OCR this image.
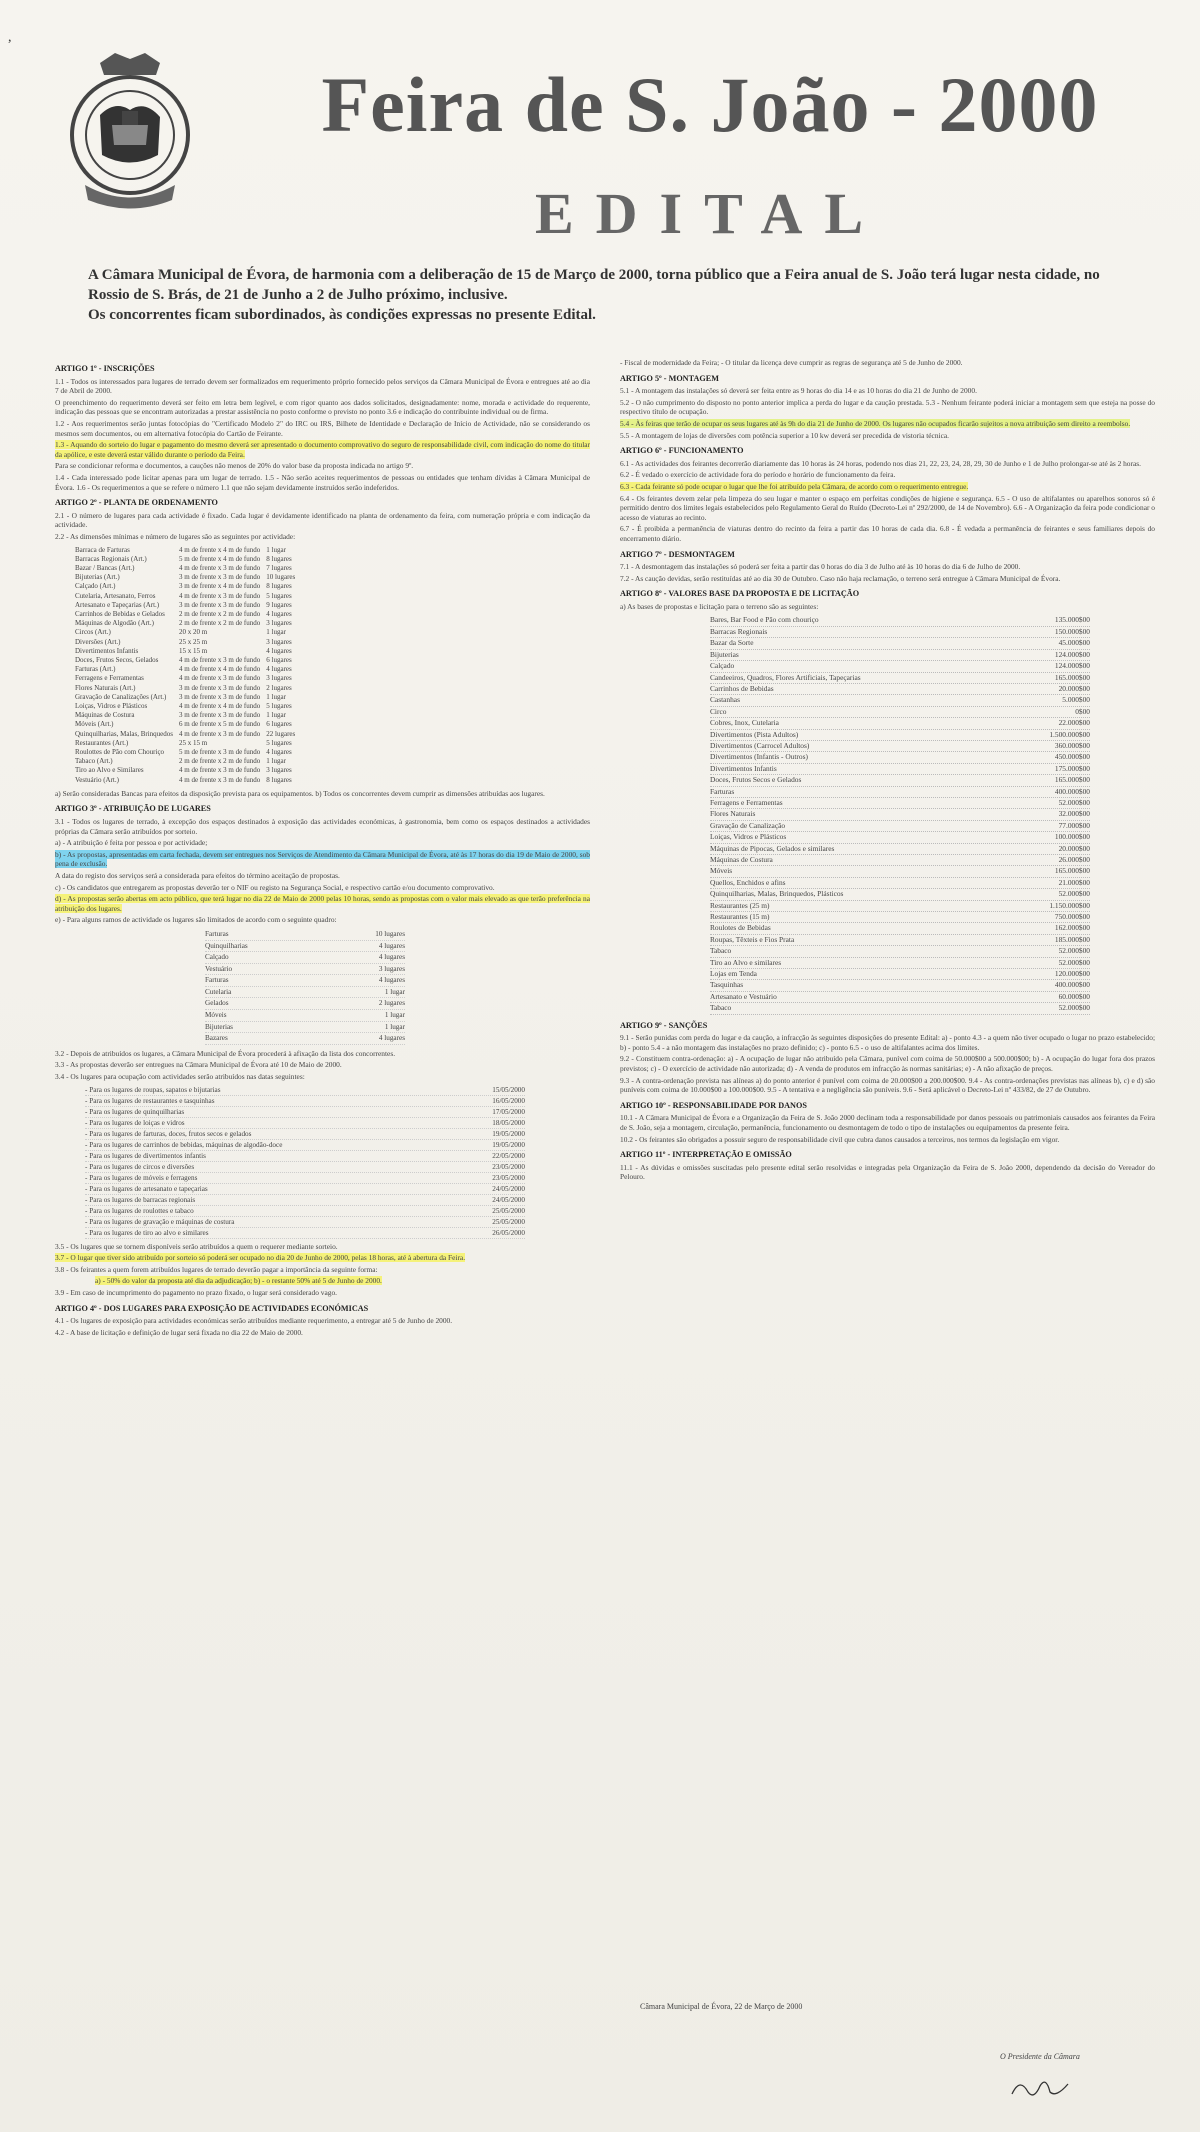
,
Feira de S. João - 2000
EDITAL

A Câmara Municipal de Évora, de harmonia com a deliberação de 15 de Março de 2000, torna público que a Feira anual de S. João terá lugar nesta cidade, no Rossio de S. Brás, de 21 de Junho a 2 de Julho próximo, inclusive.

Os concorrentes ficam subordinados, às condições expressas no presente Edital.

ARTIGO 1º - INSCRIÇÕES

1.1 - Todos os interessados para lugares de terrado devem ser formalizados em requerimento próprio fornecido pelos serviços da Câmara Municipal de Évora e entregues até ao dia 7 de Abril de 2000.

O preenchimento do requerimento deverá ser feito em letra bem legível, e com rigor quanto aos dados solicitados, designadamente: nome, morada e actividade do requerente, indicação das pessoas que se encontram autorizadas a prestar assistência no posto conforme o previsto no ponto 3.6 e indicação do contribuinte individual ou de firma.

1.2 - Aos requerimentos serão juntas fotocópias do "Certificado Modelo 2" do IRC ou IRS, Bilhete de Identidade e Declaração de Início de Actividade, não se considerando os mesmos sem documentos, ou em alternativa fotocópia do Cartão de Feirante.

1.3 - Aquando do sorteio do lugar e pagamento do mesmo deverá ser apresentado o documento comprovativo do seguro de responsabilidade civil, com indicação do nome do titular da apólice, e este deverá estar válido durante o período da Feira.

Para se condicionar reforma e documentos, a cauções não menos de 20% do valor base da proposta indicada no artigo 9º.

1.4 - Cada interessado pode licitar apenas para um lugar de terrado. 1.5 - Não serão aceites requerimentos de pessoas ou entidades que tenham dívidas à Câmara Municipal de Évora. 1.6 - Os requerimentos a que se refere o número 1.1 que não sejam devidamente instruídos serão indeferidos.

ARTIGO 2º - PLANTA DE ORDENAMENTO

2.1 - O número de lugares para cada actividade é fixado. Cada lugar é devidamente identificado na planta de ordenamento da feira, com numeração própria e com indicação da actividade.

2.2 - As dimensões mínimas e número de lugares são as seguintes por actividade:

Barraca de Farturas	4 m de frente x 4 m de fundo	1 lugar
Barracas Regionais (Art.)	5 m de frente x 4 m de fundo	8 lugares
Bazar / Bancas (Art.)	4 m de frente x 3 m de fundo	7 lugares
Bijuterias (Art.)	3 m de frente x 3 m de fundo	10 lugares
Calçado (Art.)	3 m de frente x 4 m de fundo	8 lugares
Cutelaria, Artesanato, Ferros	4 m de frente x 3 m de fundo	5 lugares
Artesanato e Tapeçarias (Art.)	3 m de frente x 3 m de fundo	9 lugares
Carrinhos de Bebidas e Gelados	2 m de frente x 2 m de fundo	4 lugares
Máquinas de Algodão (Art.)	2 m de frente x 2 m de fundo	3 lugares
Circos (Art.)	20 x 20 m	1 lugar
Diversões (Art.)	25 x 25 m	3 lugares
Divertimentos Infantis	15 x 15 m	4 lugares
Doces, Frutos Secos, Gelados	4 m de frente x 3 m de fundo	6 lugares
Farturas (Art.)	4 m de frente x 4 m de fundo	4 lugares
Ferragens e Ferramentas	4 m de frente x 3 m de fundo	3 lugares
Flores Naturais (Art.)	3 m de frente x 3 m de fundo	2 lugares
Gravação de Canalizações (Art.)	3 m de frente x 3 m de fundo	1 lugar
Loiças, Vidros e Plásticos	4 m de frente x 4 m de fundo	5 lugares
Máquinas de Costura	3 m de frente x 3 m de fundo	1 lugar
Móveis (Art.)	6 m de frente x 5 m de fundo	6 lugares
Quinquilharias, Malas, Brinquedos	4 m de frente x 3 m de fundo	22 lugares
Restaurantes (Art.)	25 x 15 m	5 lugares
Roulottes de Pão com Chouriço	5 m de frente x 3 m de fundo	4 lugares
Tabaco (Art.)	2 m de frente x 2 m de fundo	1 lugar
Tiro ao Alvo e Similares	4 m de frente x 3 m de fundo	3 lugares
Vestuário (Art.)	4 m de frente x 3 m de fundo	8 lugares

a) Serão consideradas Bancas para efeitos da disposição prevista para os equipamentos. b) Todos os concorrentes devem cumprir as dimensões atribuídas aos lugares.

ARTIGO 3º - ATRIBUIÇÃO DE LUGARES

3.1 - Todos os lugares de terrado, à excepção dos espaços destinados à exposição das actividades económicas, à gastronomia, bem como os espaços destinados a actividades próprias da Câmara serão atribuídos por sorteio.

a) - A atribuição é feita por pessoa e por actividade;

b) - As propostas, apresentadas em carta fechada, devem ser entregues nos Serviços de Atendimento da Câmara Municipal de Évora, até às 17 horas do dia 19 de Maio de 2000, sob pena de exclusão.

A data do registo dos serviços será a considerada para efeitos do término aceitação de propostas.

c) - Os candidatos que entregarem as propostas deverão ter o NIF ou registo na Segurança Social, e respectivo cartão e/ou documento comprovativo.

d) - As propostas serão abertas em acto público, que terá lugar no dia 22 de Maio de 2000 pelas 10 horas, sendo as propostas com o valor mais elevado as que terão preferência na atribuição dos lugares.

e) - Para alguns ramos de actividade os lugares são limitados de acordo com o seguinte quadro:

Farturas	10 lugares
Quinquilharias	4 lugares
Calçado	4 lugares
Vestuário	3 lugares
Farturas	4 lugares
Cutelaria	1 lugar
Gelados	2 lugares
Móveis	1 lugar
Bijuterias	1 lugar
Bazares	4 lugares

3.2 - Depois de atribuídos os lugares, a Câmara Municipal de Évora procederá à afixação da lista dos concorrentes.

3.3 - As propostas deverão ser entregues na Câmara Municipal de Évora até 10 de Maio de 2000.

3.4 - Os lugares para ocupação com actividades serão atribuídos nas datas seguintes:

- Para os lugares de roupas, sapatos e bijutarias	15/05/2000
- Para os lugares de restaurantes e tasquinhas	16/05/2000
- Para os lugares de quinquilharias	17/05/2000
- Para os lugares de loiças e vidros	18/05/2000
- Para os lugares de farturas, doces, frutos secos e gelados	19/05/2000
- Para os lugares de carrinhos de bebidas, máquinas de algodão-doce	19/05/2000
- Para os lugares de divertimentos infantis	22/05/2000
- Para os lugares de circos e diversões	23/05/2000
- Para os lugares de móveis e ferragens	23/05/2000
- Para os lugares de artesanato e tapeçarias	24/05/2000
- Para os lugares de barracas regionais	24/05/2000
- Para os lugares de roulottes e tabaco	25/05/2000
- Para os lugares de gravação e máquinas de costura	25/05/2000
- Para os lugares de tiro ao alvo e similares	26/05/2000

3.5 - Os lugares que se tornem disponíveis serão atribuídos a quem o requerer mediante sorteio.

3.7 - O lugar que tiver sido atribuído por sorteio só poderá ser ocupado no dia 20 de Junho de 2000, pelas 18 horas, até à abertura da Feira.

3.8 - Os feirantes a quem forem atribuídos lugares de terrado deverão pagar a importância da seguinte forma:

a) - 50% do valor da proposta até dia da adjudicação; b) - o restante 50% até 5 de Junho de 2000.

3.9 - Em caso de incumprimento do pagamento no prazo fixado, o lugar será considerado vago.

ARTIGO 4º - DOS LUGARES PARA EXPOSIÇÃO DE ACTIVIDADES ECONÓMICAS

4.1 - Os lugares de exposição para actividades económicas serão atribuídos mediante requerimento, a entregar até 5 de Junho de 2000.

4.2 - A base de licitação e definição de lugar será fixada no dia 22 de Maio de 2000.

- Fiscal de modernidade da Feira; - O titular da licença deve cumprir as regras de segurança até 5 de Junho de 2000.

ARTIGO 5º - MONTAGEM

5.1 - A montagem das instalações só deverá ser feita entre as 9 horas do dia 14 e as 10 horas do dia 21 de Junho de 2000.

5.2 - O não cumprimento do disposto no ponto anterior implica a perda do lugar e da caução prestada. 5.3 - Nenhum feirante poderá iniciar a montagem sem que esteja na posse do respectivo título de ocupação.

5.4 - Às feiras que terão de ocupar os seus lugares até às 9h do dia 21 de Junho de 2000. Os lugares não ocupados ficarão sujeitos a nova atribuição sem direito a reembolso.

5.5 - A montagem de lojas de diversões com potência superior a 10 kw deverá ser precedida de vistoria técnica.

ARTIGO 6º - FUNCIONAMENTO

6.1 - As actividades dos feirantes decorrerão diariamente das 10 horas às 24 horas, podendo nos dias 21, 22, 23, 24, 28, 29, 30 de Junho e 1 de Julho prolongar-se até às 2 horas.

6.2 - É vedado o exercício de actividade fora do período e horário de funcionamento da feira.

6.3 - Cada feirante só pode ocupar o lugar que lhe foi atribuído pela Câmara, de acordo com o requerimento entregue.

6.4 - Os feirantes devem zelar pela limpeza do seu lugar e manter o espaço em perfeitas condições de higiene e segurança. 6.5 - O uso de altifalantes ou aparelhos sonoros só é permitido dentro dos limites legais estabelecidos pelo Regulamento Geral do Ruído (Decreto-Lei nº 292/2000, de 14 de Novembro). 6.6 - A Organização da feira pode condicionar o acesso de viaturas ao recinto.

6.7 - É proibida a permanência de viaturas dentro do recinto da feira a partir das 10 horas de cada dia. 6.8 - É vedada a permanência de feirantes e seus familiares depois do encerramento diário.

ARTIGO 7º - DESMONTAGEM

7.1 - A desmontagem das instalações só poderá ser feita a partir das 0 horas do dia 3 de Julho até às 10 horas do dia 6 de Julho de 2000.

7.2 - As caução devidas, serão restituídas até ao dia 30 de Outubro. Caso não haja reclamação, o terreno será entregue à Câmara Municipal de Évora.

ARTIGO 8º - VALORES BASE DA PROPOSTA E DE LICITAÇÃO

a) As bases de propostas e licitação para o terreno são as seguintes:

Bares, Bar Food e Pão com chouriço	135.000$00
Barracas Regionais	150.000$00
Bazar da Sorte	45.000$00
Bijuterias	124.000$00
Calçado	124.000$00
Candeeiros, Quadros, Flores Artificiais, Tapeçarias	165.000$00
Carrinhos de Bebidas	20.000$00
Castanhas	5.000$00
Circo	0$00
Cobres, Inox, Cutelaria	22.000$00
Divertimentos (Pista Adultos)	1.500.000$00
Divertimentos (Carrocel Adultos)	360.000$00
Divertimentos (Infantis - Outros)	450.000$00
Divertimentos Infantis	175.000$00
Doces, Frutos Secos e Gelados	165.000$00
Farturas	400.000$00
Ferragens e Ferramentas	52.000$00
Flores Naturais	32.000$00
Gravação de Canalização	77.000$00
Loiças, Vidros e Plásticos	100.000$00
Máquinas de Pipocas, Gelados e similares	20.000$00
Máquinas de Costura	26.000$00
Móveis	165.000$00
Quellos, Enchidos e afins	21.000$00
Quinquilharias, Malas, Brinquedos, Plásticos	52.000$00
Restaurantes (25 m)	1.150.000$00
Restaurantes (15 m)	750.000$00
Roulotes de Bebidas	162.000$00
Roupas, Têxteis e Fios Prata	185.000$00
Tabaco	52.000$00
Tiro ao Alvo e similares	52.000$00
Lojas em Tenda	120.000$00
Tasquinhas	400.000$00
Artesanato e Vestuário	60.000$00
Tabaco	52.000$00
ARTIGO 9º - SANÇÕES

9.1 - Serão punidas com perda do lugar e da caução, a infracção às seguintes disposições do presente Edital: a) - ponto 4.3 - a quem não tiver ocupado o lugar no prazo estabelecido; b) - ponto 5.4 - a não montagem das instalações no prazo definido; c) - ponto 6.5 - o uso de altifalantes acima dos limites.

9.2 - Constituem contra-ordenação: a) - A ocupação de lugar não atribuído pela Câmara, punível com coima de 50.000$00 a 500.000$00; b) - A ocupação do lugar fora dos prazos previstos; c) - O exercício de actividade não autorizada; d) - A venda de produtos em infracção às normas sanitárias; e) - A não afixação de preços.

9.3 - A contra-ordenação prevista nas alíneas a) do ponto anterior é punível com coima de 20.000$00 a 200.000$00. 9.4 - As contra-ordenações previstas nas alíneas b), c) e d) são puníveis com coima de 10.000$00 a 100.000$00. 9.5 - A tentativa e a negligência são puníveis. 9.6 - Será aplicável o Decreto-Lei nº 433/82, de 27 de Outubro.

ARTIGO 10º - RESPONSABILIDADE POR DANOS

10.1 - A Câmara Municipal de Évora e a Organização da Feira de S. João 2000 declinam toda a responsabilidade por danos pessoais ou patrimoniais causados aos feirantes da Feira de S. João, seja a montagem, circulação, permanência, funcionamento ou desmontagem de todo o tipo de instalações ou equipamentos da presente feira.

10.2 - Os feirantes são obrigados a possuir seguro de responsabilidade civil que cubra danos causados a terceiros, nos termos da legislação em vigor.

ARTIGO 11º - INTERPRETAÇÃO E OMISSÃO

11.1 - As dúvidas e omissões suscitadas pelo presente edital serão resolvidas e integradas pela Organização da Feira de S. João 2000, dependendo da decisão do Vereador do Pelouro.

Câmara Municipal de Évora, 22 de Março de 2000
O Presidente da Câmara
